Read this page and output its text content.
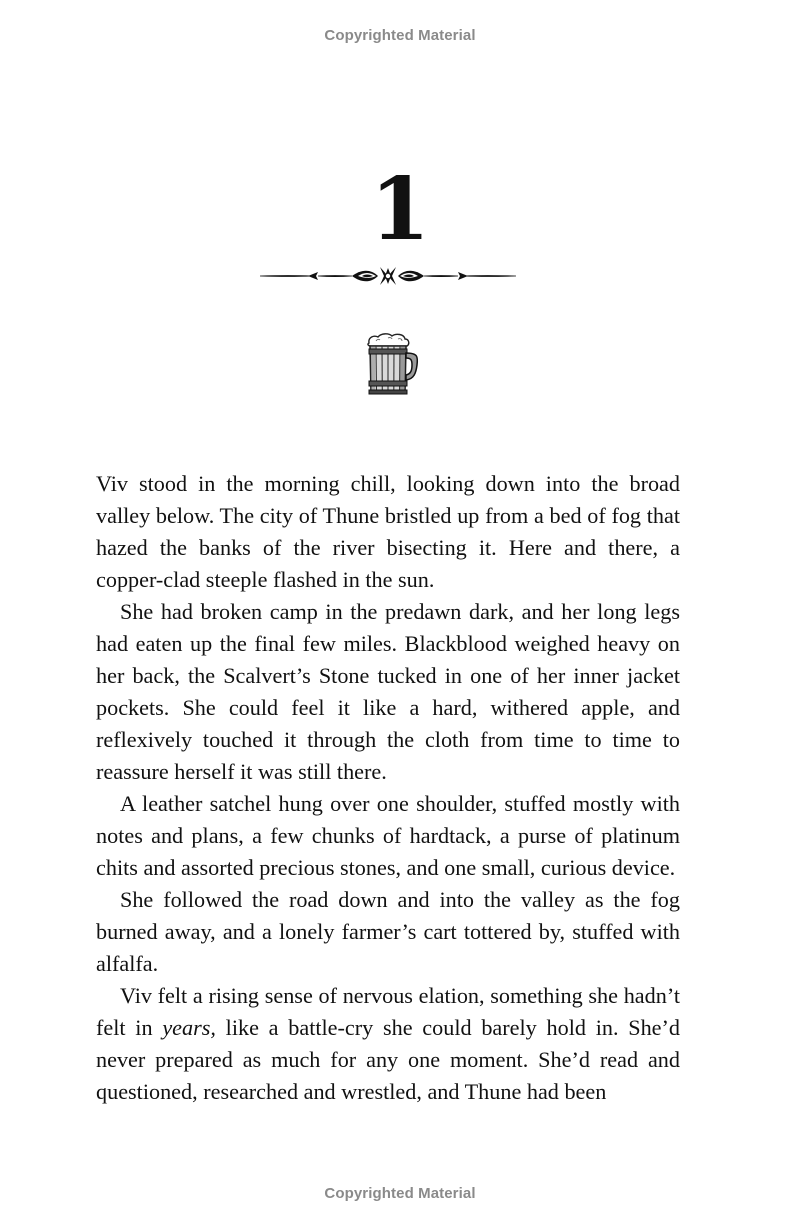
Copyrighted Material
1

Viv stood in the morning chill, looking down into the broad valley below. The city of Thune bristled up from a bed of fog that hazed the banks of the river bisecting it. Here and there, a copper-clad steeple flashed in the sun.

She had broken camp in the predawn dark, and her long legs had eaten up the final few miles. Blackblood weighed heavy on her back, the Scalvert’s Stone tucked in one of her inner jacket pockets. She could feel it like a hard, withered apple, and reflexively touched it through the cloth from time to time to reassure herself it was still there.

A leather satchel hung over one shoulder, stuffed mostly with notes and plans, a few chunks of hardtack, a purse of platinum chits and assorted precious stones, and one small, curious device.

She followed the road down and into the valley as the fog burned away, and a lonely farmer’s cart tottered by, stuffed with alfalfa.

Viv felt a rising sense of nervous elation, something she hadn’t felt in years, like a battle-cry she could barely hold in. She’d never prepared as much for any one moment. She’d read and questioned, researched and wrestled, and Thune had been

Copyrighted Material
